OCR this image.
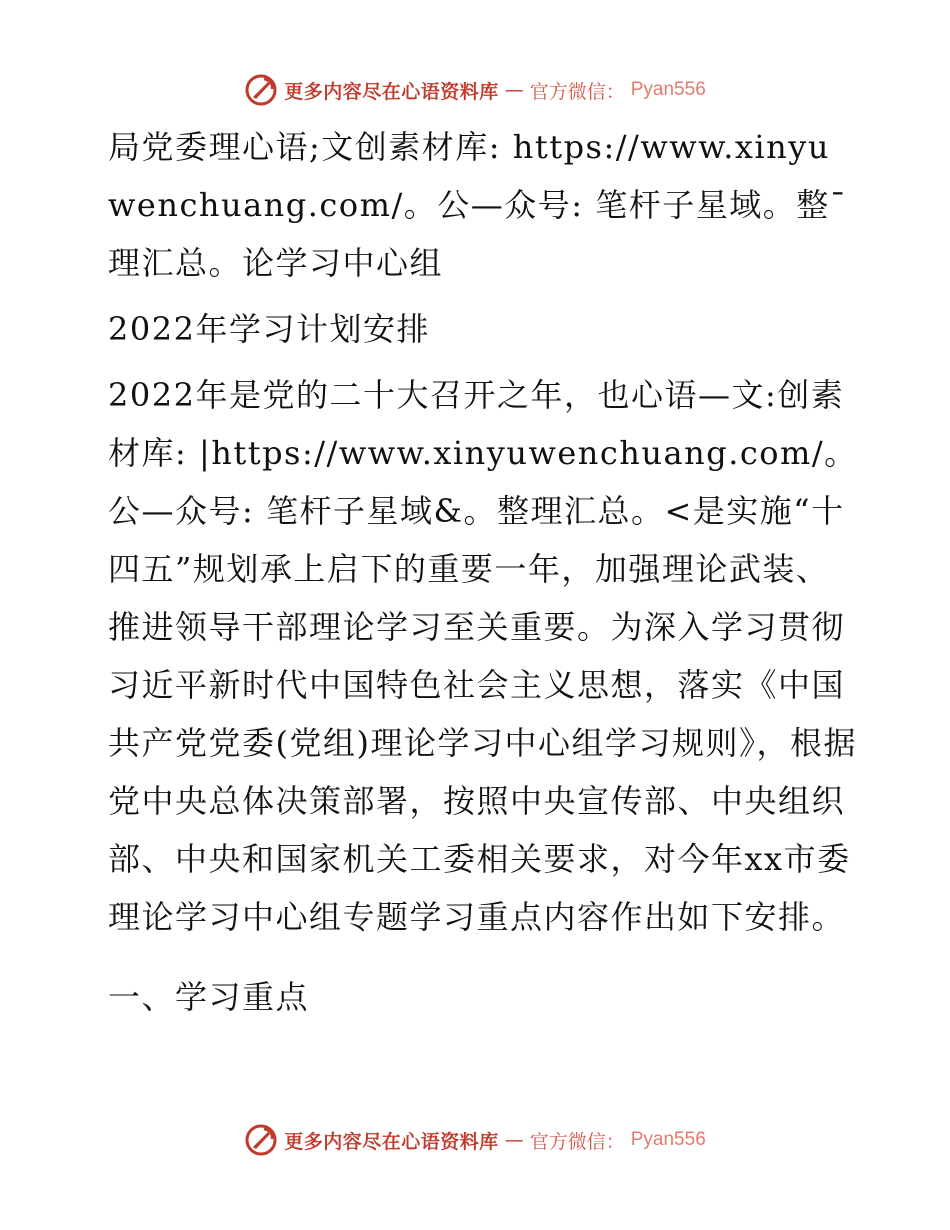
更多内容尽在心语资料库 — 官方微信： Pyan556

局党委理心语;文创素材库: https://www.xinyuwenchuang.com/。公—众号: 笔杆子星域。整¯理汇总。论学习中心组

2022年学习计划安排

2022年是党的二十大召开之年，也心语—文:创素材库: |https://www.xinyuwenchuang.com/。公—众号: 笔杆子星域&。整理汇总。<是实施“十四五”规划承上启下的重要一年，加强理论武装、推进领导干部理论学习至关重要。为深入学习贯彻习近平新时代中国特色社会主义思想，落实《中国共产党党委(党组)理论学习中心组学习规则》，根据党中央总体决策部署，按照中央宣传部、中央组织部、中央和国家机关工委相关要求，对今年xx市委理论学习中心组专题学习重点内容作出如下安排。

一、学习重点

更多内容尽在心语资料库 — 官方微信： Pyan556
